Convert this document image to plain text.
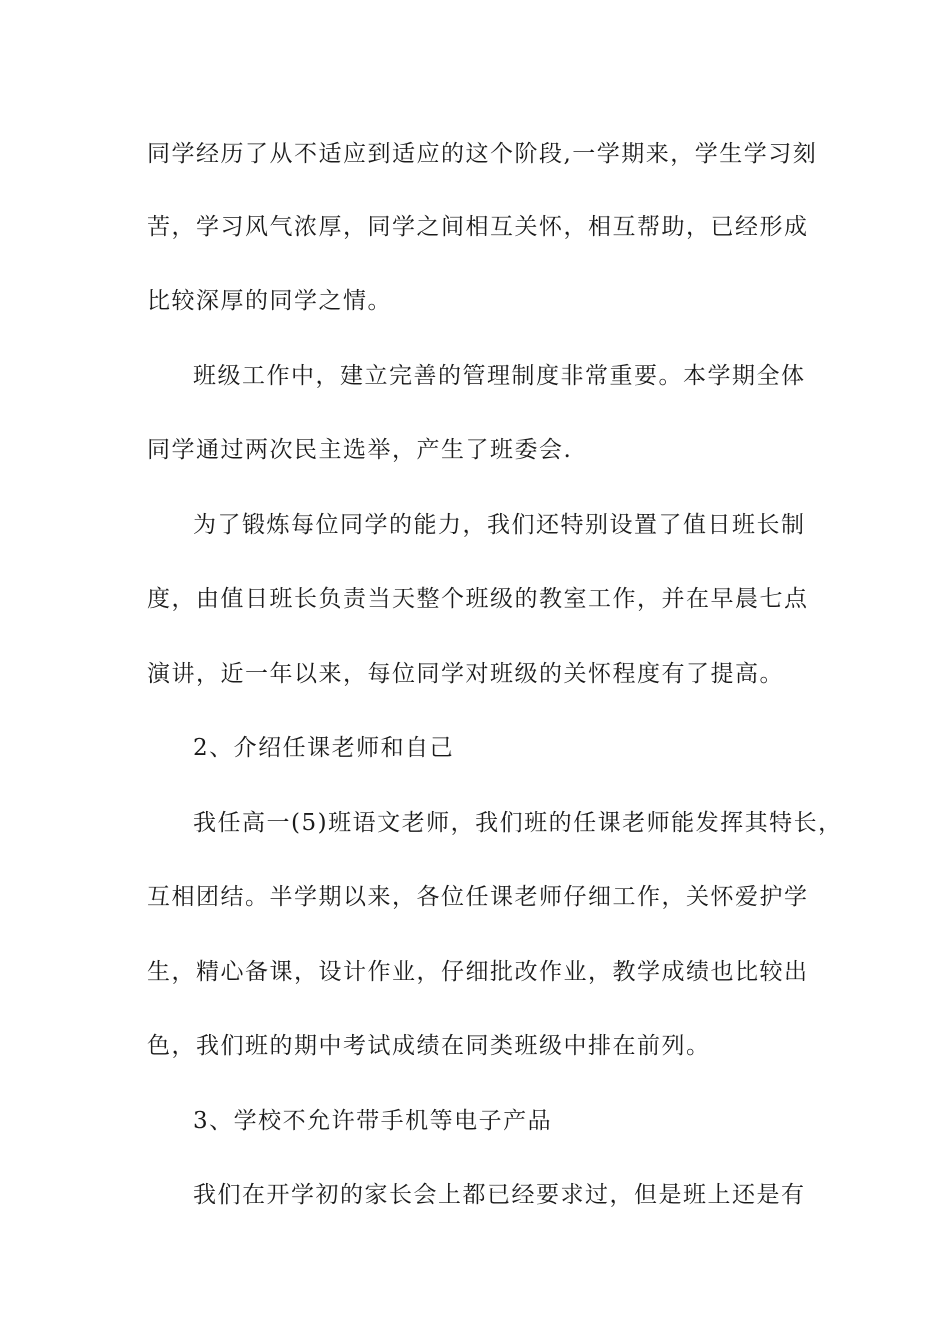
同学经历了从不适应到适应的这个阶段,一学期来，学生学习刻
苦，学习风气浓厚，同学之间相互关怀，相互帮助，已经形成
比较深厚的同学之情。
班级工作中，建立完善的管理制度非常重要。本学期全体
同学通过两次民主选举，产生了班委会.
为了锻炼每位同学的能力，我们还特别设置了值日班长制
度，由值日班长负责当天整个班级的教室工作，并在早晨七点
演讲，近一年以来，每位同学对班级的关怀程度有了提高。
2、介绍任课老师和自己
我任高一(5)班语文老师，我们班的任课老师能发挥其特长，
互相团结。半学期以来，各位任课老师仔细工作，关怀爱护学
生，精心备课，设计作业，仔细批改作业，教学成绩也比较出
色，我们班的期中考试成绩在同类班级中排在前列。
3、学校不允许带手机等电子产品
我们在开学初的家长会上都已经要求过，但是班上还是有
